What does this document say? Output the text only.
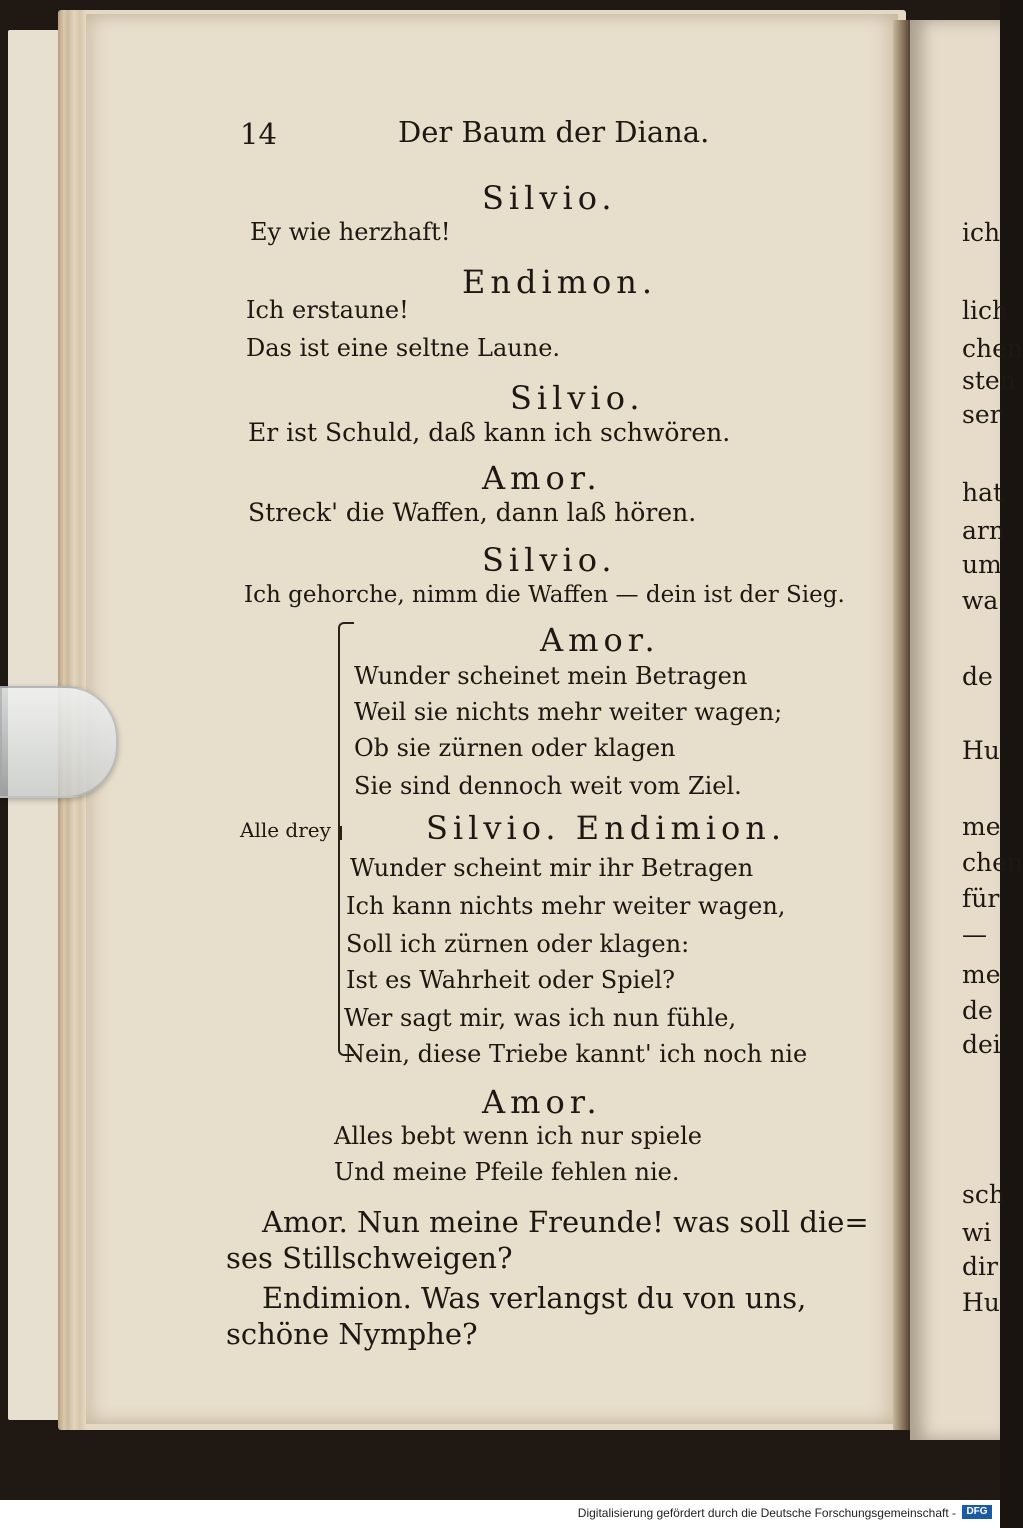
14	Der Baum der Diana.
Silvio.
Ey wie herzhaft!
Endimon.
Ich erstaune!
Das ist eine seltne Laune.
Silvio.
Er ist Schuld, daß kann ich schwören.
Amor.
Streck' die Waffen, dann laß hören.
Silvio.
Ich gehorche, nimm die Waffen — dein ist der Sieg.
Alle drey
Amor.
Wunder scheinet mein Betragen
Weil sie nichts mehr weiter wagen;
Ob sie zürnen oder klagen
Sie sind dennoch weit vom Ziel.
Silvio. Endimion.
Wunder scheint mir ihr Betragen
Ich kann nichts mehr weiter wagen,
Soll ich zürnen oder klagen:
Ist es Wahrheit oder Spiel?
Wer sagt mir, was ich nun fühle,
Nein, diese Triebe kannt' ich noch nie
Amor.
Alles bebt wenn ich nur spiele
Und meine Pfeile fehlen nie.
Amor. Nun meine Freunde! was soll die=
ses Stillschweigen?
Endimion. Was verlangst du von uns,
schöne Nymphe?
ich
lich
chen
sten
ser
hat
arn
um
wa
de
Hu
me
chen
für
—
me
de
dei
sch
wi
dir
Hu
Digitalisierung gefördert durch die Deutsche Forschungsgemeinschaft -	DFG
